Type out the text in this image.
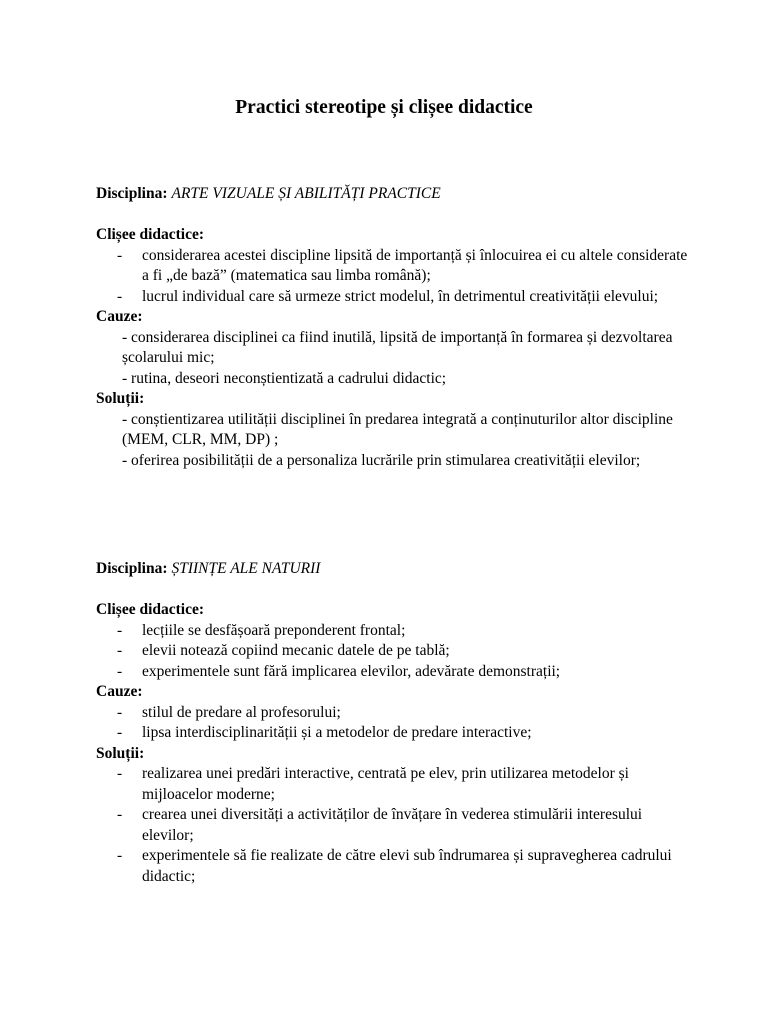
Practici stereotipe și clișee didactice

Disciplina: ARTE VIZUALE ȘI ABILITĂȚI PRACTICE

Clișee didactice:

- considerarea acestei discipline lipsită de importanță și înlocuirea ei cu altele considerate a fi „de bază” (matematica sau limba română);
- lucrul individual care să urmeze strict modelul, în detrimentul creativității elevului;

Cauze:

- considerarea disciplinei ca fiind inutilă, lipsită de importanță în formarea și dezvoltarea școlarului mic;

- rutina, deseori neconștientizată a cadrului didactic;

Soluții:

- conștientizarea utilității disciplinei în predarea integrată a conținuturilor altor discipline (MEM, CLR, MM, DP) ;

- oferirea posibilității de a personaliza lucrările prin stimularea creativității elevilor;

Disciplina: ȘTIINȚE ALE NATURII

Clișee didactice:

- lecțiile se desfășoară preponderent frontal;
- elevii notează copiind mecanic datele de pe tablă;
- experimentele sunt fără implicarea elevilor, adevărate demonstrații;

Cauze:

- stilul de predare al profesorului;
- lipsa interdisciplinarității și a metodelor de predare interactive;

Soluții:

- realizarea unei predări interactive, centrată pe elev, prin utilizarea metodelor și mijloacelor moderne;
- crearea unei diversități a activităților de învățare în vederea stimulării interesului elevilor;
- experimentele să fie realizate de către elevi sub îndrumarea și supravegherea cadrului didactic;
